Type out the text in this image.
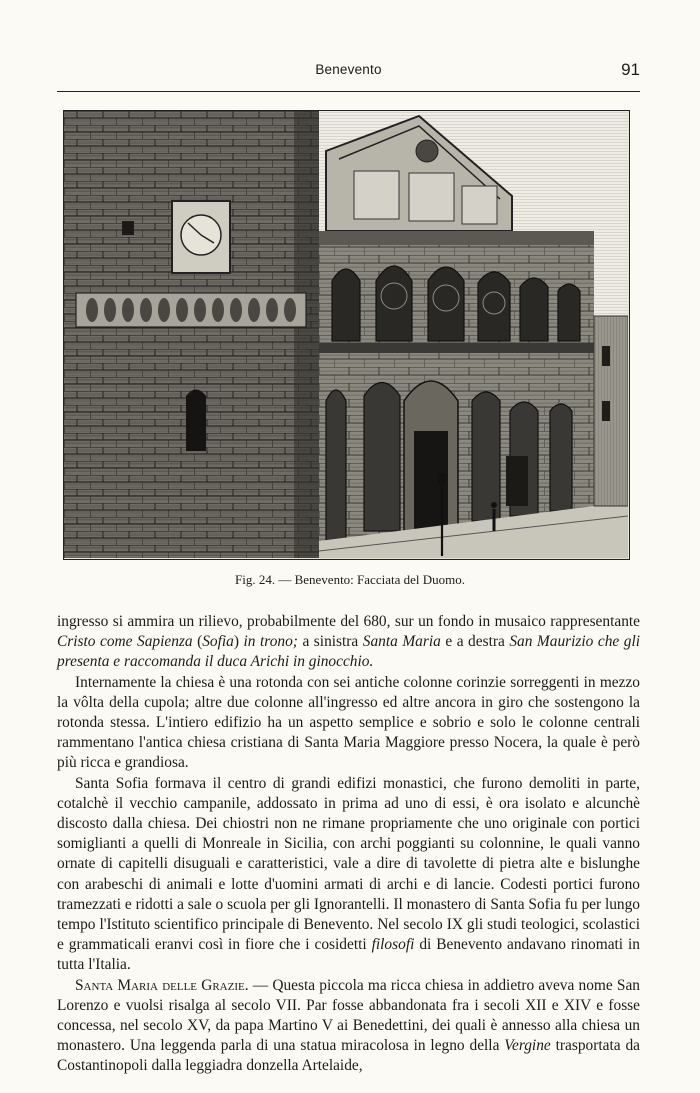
Benevento	91
Fig. 24. — Benevento: Facciata del Duomo.

ingresso si ammira un rilievo, probabilmente del 680, sur un fondo in musaico rappresentante Cristo come Sapienza (Sofia) in trono; a sinistra Santa Maria e a destra San Maurizio che gli presenta e raccomanda il duca Arichi in ginocchio.

Internamente la chiesa è una rotonda con sei antiche colonne corinzie sorreggenti in mezzo la vôlta della cupola; altre due colonne all'ingresso ed altre ancora in giro che sostengono la rotonda stessa. L'intiero edifizio ha un aspetto semplice e sobrio e solo le colonne centrali rammentano l'antica chiesa cristiana di Santa Maria Maggiore presso Nocera, la quale è però più ricca e grandiosa.

Santa Sofia formava il centro di grandi edifizi monastici, che furono demoliti in parte, cotalchè il vecchio campanile, addossato in prima ad uno di essi, è ora isolato e alcunchè discosto dalla chiesa. Dei chiostri non ne rimane propriamente che uno originale con portici somiglianti a quelli di Monreale in Sicilia, con archi poggianti su colonnine, le quali vanno ornate di capitelli disuguali e caratteristici, vale a dire di tavolette di pietra alte e bislunghe con arabeschi di animali e lotte d'uomini armati di archi e di lancie. Codesti portici furono tramezzati e ridotti a sale o scuola per gli Ignorantelli. Il monastero di Santa Sofia fu per lungo tempo l'Istituto scientifico principale di Benevento. Nel secolo IX gli studi teologici, scolastici e grammaticali eranvi così in fiore che i cosidetti filosofi di Benevento andavano rinomati in tutta l'Italia.

Santa Maria delle Grazie. — Questa piccola ma ricca chiesa in addietro aveva nome San Lorenzo e vuolsi risalga al secolo VII. Par fosse abbandonata fra i secoli XII e XIV e fosse concessa, nel secolo XV, da papa Martino V ai Benedettini, dei quali è annesso alla chiesa un monastero. Una leggenda parla di una statua miracolosa in legno della Vergine trasportata da Costantinopoli dalla leggiadra donzella Artelaide,
